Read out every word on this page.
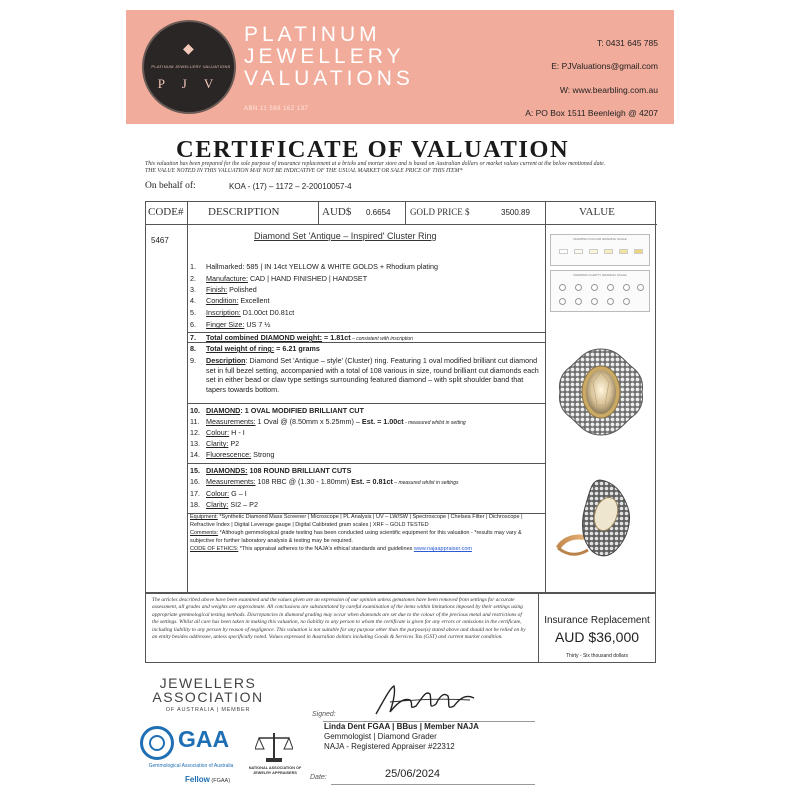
◆
PLATINUM JEWELLERY VALUATIONS
P J V
PLATINUM
JEWELLERY
VALUATIONS
ABN 11 588 162 137
T: 0431 645 785
E: PJValuations@gmail.com
W: www.bearbling.com.au
A: PO Box 1511 Beenleigh @ 4207
CERTIFICATE OF VALUATION
This valuation has been prepared for the sole purpose of insurance replacement at a bricks and mortar store and is based on Australian dollars or market values current at the below mentioned date.
THE VALUE NOTED IN THIS VALUATION MAY NOT BE INDICATIVE OF THE USUAL MARKET OR SALE PRICE OF THIS ITEM*
On behalf of:	KOA - (17) – 1172 – 2-20010057-4
CODE# DESCRIPTION	AUD$ 0.6654 GOLD PRICE $	3500.89	VALUE
5467	Diamond Set 'Antique – Inspired' Cluster Ring
1. Hallmarked: 585 | IN 14ct YELLOW & WHITE GOLDS + Rhodium plating
2. Manufacture: CAD | HAND FINISHED | HANDSET
3. Finish: Polished
4. Condition: Excellent
5. Inscription: D1.00ct D0.81ct
6. Finger Size: US 7 ½
7. Total combined DIAMOND weight: = 1.81ct – consistent with inscription
8. Total weight of ring: = 6.21 grams
9. Description: Diamond Set 'Antique – style' (Cluster) ring. Featuring 1 oval modified brilliant cut diamond set in full bezel setting, accompanied with a total of 108 various in size, round brilliant cut diamonds each set in either bead or claw type settings surrounding featured diamond – with split shoulder band that tapers towards bottom.
10. DIAMOND: 1 OVAL MODIFIED BRILLIANT CUT
11. Measurements: 1 Oval @ (8.50mm x 5.25mm) – Est. = 1.00ct - measured whilst in setting
12. Colour: H - I
13. Clarity: P2
14. Fluorescence: Strong
15. DIAMONDS: 108 ROUND BRILLIANT CUTS
16. Measurements: 108 RBC @ (1.30 - 1.80mm) Est. = 0.81ct – measured whilst in settings
17. Colour: G – I
18. Clarity: SI2 – P2
Equipment: *Synthetic Diamond Mass Screener | Microscope | PL Analysis | UV – LW/SW | Spectroscope | Chelsea Filter | Dichroscope | Refractive Index | Digital Leverage gauge | Digital Calibrated gram scales | XRF – GOLD TESTED
Comments: *Although gemmological grade testing has been conducted using scientific equipment for this valuation - *results may vary & subjective for further laboratory analysis & testing may be required.
CODE OF ETHICS: *This appraisal adheres to the NAJA's ethical standards and guidelines www.najaappraiser.com
DIAMOND COLOUR GRADING SCALE
DIAMOND CLARITY GRADING SCALE
The articles described above have been examined and the values given are an expression of our opinion unless gemstones have been removed from settings for accurate assessment, all grades and weights are approximate. All conclusions are substantiated by careful examination of the items within limitations imposed by their settings using appropriate gemmological testing methods. Discrepancies in diamond grading may occur when diamonds are set due to the colour of the precious metal and restrictions of the settings. Whilst all care has been taken in making this valuation, no liability to any person to whom the certificate is given for any errors or omissions in the certificate, including liability to any person by reason of negligence. This valuation is not suitable for any purpose other than the purpose(s) stated above and should not be relied on by an entity besides addressee, unless specifically noted. Values expressed in Australian dollars including Goods & Services Tax (GST) and current market condition.
Insurance Replacement
AUD $36,000
Thirty - Six thousand dollars
JEWELLERS
ASSOCIATION
OF AUSTRALIA | MEMBER
GAA
Gemmological Association of Australia
Fellow (FGAA)
NATIONAL ASSOCIATION OF
JEWELRY APPRAISERS
Signed:
Linda Dent FGAA | BBus | Member NAJA
Gemmologist | Diamond Grader
NAJA - Registered Appraiser #22312
Date:	25/06/2024
